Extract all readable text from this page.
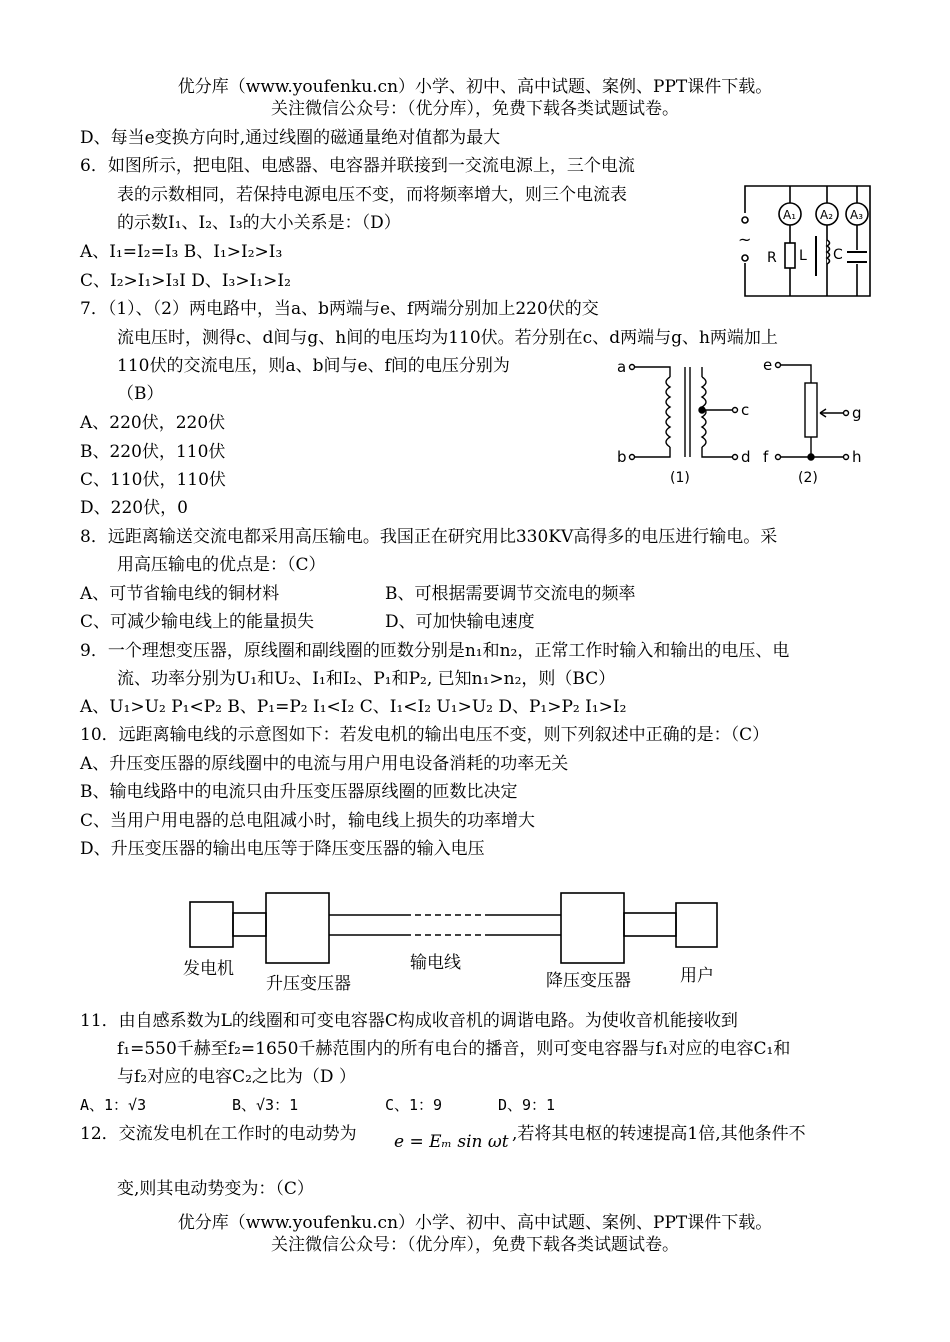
优分库（www.youfenku.cn）小学、初中、高中试题、案例、PPT课件下载。
关注微信公众号：（优分库），免费下载各类试题试卷。
D、每当e变换方向时,通过线圈的磁通量绝对值都为最大
6．如图所示，把电阻、电感器、电容器并联接到一交流电源上，三个电流
表的示数相同，若保持电源电压不变，而将频率增大，则三个电流表
的示数I₁、I₂、I₃的大小关系是：（D）
A、I₁=I₂=I₃ B、I₁>I₂>I₃
C、I₂>I₁>I₃I D、I₃>I₁>I₂
7．（1）、（2）两电路中，当a、b两端与e、f两端分别加上220伏的交
流电压时，测得c、d间与g、h间的电压均为110伏。若分别在c、d两端与g、h两端加上
110伏的交流电压，则a、b间与e、f间的电压分别为
（B）
A、220伏，220伏
B、220伏，110伏
C、110伏，110伏
D、220伏，0
8．远距离输送交流电都采用高压输电。我国正在研究用比330KV高得多的电压进行输电。采
用高压输电的优点是：（C）
A、可节省输电线的铜材料	B、可根据需要调节交流电的频率
C、可减少输电线上的能量损失	D、可加快输电速度
9．一个理想变压器，原线圈和副线圈的匝数分别是n₁和n₂，正常工作时输入和输出的电压、电
流、功率分别为U₁和U₂、I₁和I₂、P₁和P₂, 已知n₁>n₂，则（BC）
A、U₁>U₂ P₁<P₂ B、P₁=P₂ I₁<I₂ C、I₁<I₂ U₁>U₂ D、P₁>P₂ I₁>I₂
10．远距离输电线的示意图如下：若发电机的输出电压不变，则下列叙述中正确的是：（C）
A、升压变压器的原线圈中的电流与用户用电设备消耗的功率无关
B、输电线路中的电流只由升压变压器原线圈的匝数比决定
C、当用户用电器的总电阻减小时，输电线上损失的功率增大
D、升压变压器的输出电压等于降压变压器的输入电压
11．由自感系数为L的线圈和可变电容器C构成收音机的调谐电路。为使收音机能接收到
f₁=550千赫至f₂=1650千赫范围内的所有电台的播音，则可变电容器与f₁对应的电容C₁和
与f₂对应的电容C₂之比为（D ）
A、1：√3	B、√3：1	C、1：9	D、9：1
12．交流发电机在工作时的电动势为 e = Eₘ sin ωt ,若将其电枢的转速提高1倍,其他条件不
变,则其电动势变为：（C）
优分库（www.youfenku.cn）小学、初中、高中试题、案例、PPT课件下载。
关注微信公众号：（优分库），免费下载各类试题试卷。
~
A₁ A₂ A₃
R L C
a
b
c
d
(1)
e
g
f	h
(2)
发电机
升压变压器
输电线
降压变压器	用户
